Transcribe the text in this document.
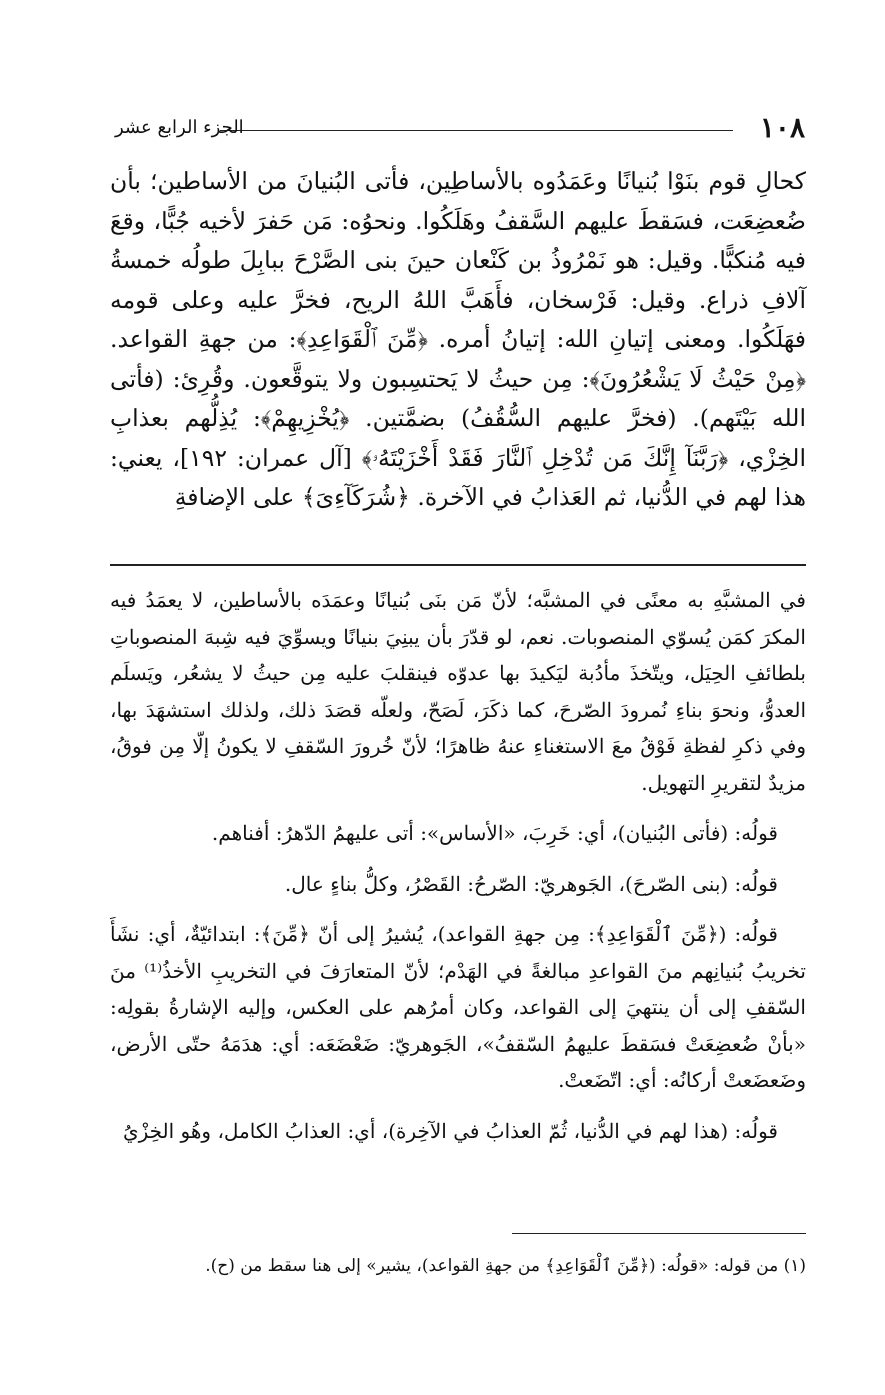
١٠٨
الجزء الرابع عشر

كحالِ قوم بنَوْا بُنيانًا وعَمَدُوه بالأساطِين، فأتى البُنيانَ من الأساطين؛ بأن ضُعضِعَت، فسَقطَ عليهم السَّقفُ وهَلَكُوا. ونحوُه: مَن حَفرَ لأخيه جُبًّا، وقعَ فيه مُنكبًّا. وقيل: هو نَمْرُوذُ بن كَنْعان حينَ بنى الصَّرْحَ ببابِلَ طولُه خمسةُ آلافِ ذراع. وقيل: فَرْسخان، فأَهَبَّ اللهُ الريح، فخرَّ عليه وعلى قومه فهَلَكُوا. ومعنى إتيانِ الله: إتيانُ أمره. ﴿مِّنَ ٱلْقَوَاعِدِ﴾: من جهةِ القواعد. ﴿مِنْ حَيْثُ لَا يَشْعُرُونَ﴾: مِن حيثُ لا يَحتسِبون ولا يتوقَّعون. وقُرِئ: (فأتى الله بَيْتَهم). (فخرَّ عليهم السُّقُفُ) بضمَّتين. ﴿يُخْزِيهِمْ﴾: يُذِلُّهم بعذابِ الخِزْي، ﴿رَبَّنَآ إِنَّكَ مَن تُدْخِلِ ٱلنَّارَ فَقَدْ أَخْزَيْتَهُۥ﴾ [آل عمران: ١٩٢]، يعني: هذا لهم في الدُّنيا، ثم العَذابُ في الآخرة. ﴿شُرَكَآءِىَ﴾ على الإضافةِ

في المشبَّهِ به معنًى في المشبَّه؛ لأنّ مَن بنَى بُنيانًا وعمَدَه بالأساطين، لا يعمَدُ فيه المكرَ كمَن يُسوّي المنصوبات. نعم، لو قدّرَ بأن يبنِيَ بنيانًا ويسوِّيَ فيه شِبهَ المنصوباتِ بلطائفِ الحِيَل، ويتّخذَ مأدُبة ليَكيدَ بها عدوّه فينقلبَ عليه مِن حيثُ لا يشعُر، ويَسلَم العدوُّ، ونحوَ بناءِ نُمرودَ الصّرحَ، كما ذكَرَ، لَصَحّ، ولعلّه قصَدَ ذلك، ولذلك استشهَدَ بها، وفي ذكرِ لفظةِ فَوْقُ معَ الاستغناءِ عنهُ ظاهرًا؛ لأنّ خُرورَ السّقفِ لا يكونُ إلّا مِن فوقُ، مزيدٌ لتقريرِ التهويل.

قولُه: (فأتى البُنيان)، أي: خَرِبَ، «الأساس»: أتى عليهمُ الدّهرُ: أفناهم.

قولُه: (بنى الصّرحَ)، الجَوهريّ: الصّرحُ: القَصْرُ، وكلُّ بناءٍ عال.

قولُه: (﴿مِّنَ ٱلْقَوَاعِدِ﴾: مِن جهةِ القواعد)، يُشيرُ إلى أنّ ﴿مِّنَ﴾: ابتدائيّةٌ، أي: نشَأَ تخريبُ بُنيانِهم منَ القواعدِ مبالغةً في الهَدْم؛ لأنّ المتعارَفَ في التخريبِ الأخذُ⁽¹⁾ منَ السّقفِ إلى أن ينتهيَ إلى القواعد، وكان أمرُهم على العكس، وإليه الإشارةُ بقولِه: «بأنْ ضُعضِعَتْ فسَقطَ عليهمُ السّقفُ»، الجَوهريّ: ضَعْضَعَه: أي: هدَمَهُ حتّى الأرض، وضَعضَعتْ أركانُه: أي: اتّضَعتْ.

قولُه: (هذا لهم في الدُّنيا، ثُمّ العذابُ في الآخِرة)، أي: العذابُ الكامل، وهُو الخِزْيُ

(١) من قوله: «قولُه: (﴿مِّنَ ٱلْقَوَاعِدِ﴾ من جهةِ القواعد)، يشير» إلى هنا سقط من (ح).
